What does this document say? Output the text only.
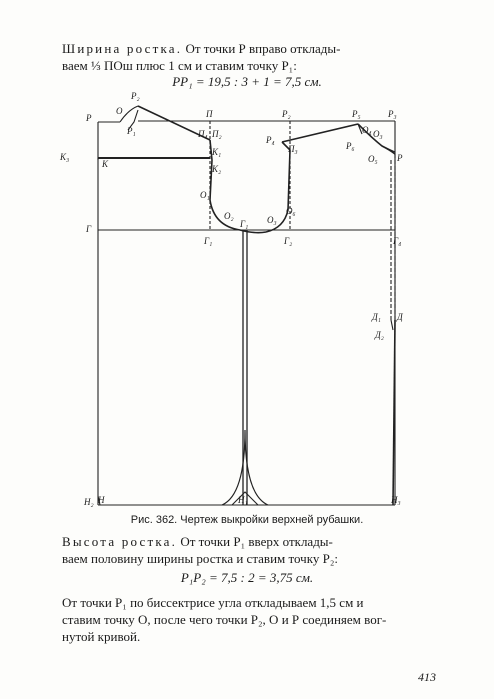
Ширина ростка. От точки Р вправо отклады-

ваем ⅓ ПОш плюс 1 см и ставим точку Р₁:

РР₁ = 19,5 : 3 + 1 = 7,5 см.
Р
Р₂
О
Р₁
П
П₂
П₄
К₁
К₂
К₃
К
О₁
О₂	О₃
О₆
Р₂
Р₄
П₃
Р₅	Р₃
О₄ О₃
Р₆
О₅ Р
Г
Г₁
Г₁
Г₂	Г₄
Д₁ Д
Д₂
Н₂ Н	Н₁	Н₃
Рис. 362. Чертеж выкройки верхней рубашки.

Высота ростка. От точки Р₁ вверх отклады-

ваем половину ширины ростка и ставим точку Р₂:

Р₁Р₂ = 7,5 : 2 = 3,75 см.

От точки Р₁ по биссектрисе угла откладываем 1,5 см и

ставим точку О, после чего точки Р₂, О и Р соединяем вог-

нутой кривой.

413
